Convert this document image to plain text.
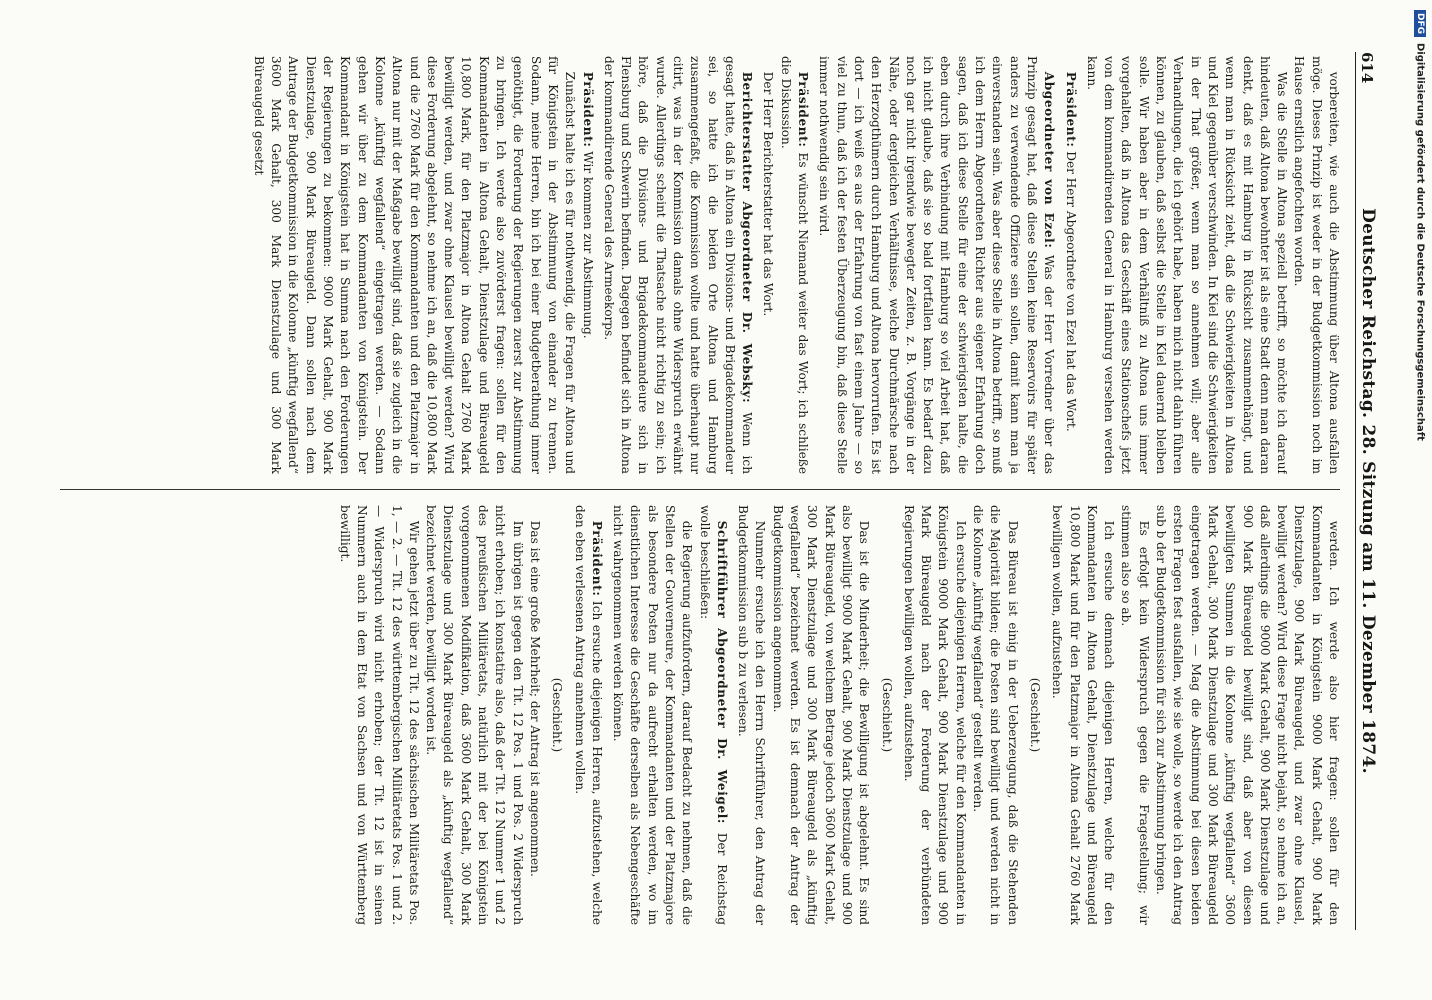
614
Deutscher Reichstag. 28. Sitzung am 11. Dezember 1874.

vorbereiten, wie auch die Abstimmung über Altona ausfallen möge. Dieses Prinzip ist weder in der Budgetkommission noch im Hause ernstlich angefochten worden.

Was die Stelle in Altona speziell betrifft, so möchte ich darauf hindeuten, daß Altona bewohnter ist als eine Stadt denn man daran denkt, daß es mit Hamburg in Rücksicht zusammenhängt, und wenn man in Rücksicht zieht, daß die Schwierigkeiten in Altona und Kiel gegenüber verschwinden. In Kiel sind die Schwierigkeiten in der That größer, wenn man so annehmen will; aber alle Verhandlungen, die ich gehört habe, haben mich nicht dahin führen können, zu glauben, daß selbst die Stelle in Kiel dauernd bleiben solle. Wir haben aber in dem Verhältniß zu Altona uns immer vorgehalten, daß in Altona das Geschäft eines Stationschefs jetzt von dem kommandirenden General in Hamburg versehen werden kann.

Präsident: Der Herr Abgeordnete von Ezel hat das Wort.

Abgeordneter von Ezel: Was der Herr Vorredner über das Prinzip gesagt hat, daß diese Stellen keine Reservoirs für später anders zu verwendende Offiziere sein sollen, damit kann man ja einverstanden sein. Was aber diese Stelle in Altona betrifft, so muß ich dem Herrn Abgeordneten Richter aus eigener Erfahrung doch sagen, daß ich diese Stelle für eine der schwierigsten halte, die eben durch ihre Verbindung mit Hamburg so viel Arbeit hat, daß ich nicht glaube, daß sie so bald fortfallen kann. Es bedarf dazu noch gar nicht irgendwie bewegter Zeiten, z. B. Vorgänge in der Nähe, oder dergleichen Verhältnisse, welche Durchmärsche nach den Herzogthümern durch Hamburg und Altona hervorrufen. Es ist dort — ich weiß es aus der Erfahrung von fast einem Jahre — so viel zu thun, daß ich der festen Überzeugung bin, daß diese Stelle immer nothwendig sein wird.

Präsident: Es wünscht Niemand weiter das Wort; ich schließe die Diskussion.

Der Herr Berichterstatter hat das Wort.

Berichterstatter Abgeordneter Dr. Websky: Wenn ich gesagt hatte, daß in Altona ein Divisions- und Brigadekommandeur sei, so hatte ich die beiden Orte Altona und Hamburg zusammengefaßt, die Kommission wollte und hatte überhaupt nur citirt, was in der Kommission damals ohne Widerspruch erwähnt wurde. Allerdings scheint die Thatsache nicht richtig zu sein; ich höre, daß die Divisions- und Brigadekommandeure sich in Flensburg und Schwerin befinden. Dagegen befindet sich in Altona der kommandirende General des Armeekorps.

Präsident: Wir kommen zur Abstimmung.

Zunächst halte ich es für nothwendig, die Fragen für Altona und für Königstein in der Abstimmung von einander zu trennen. Sodann, meine Herren, bin ich bei einer Budgetberathung immer genöthigt, die Forderung der Regierungen zuerst zur Abstimmung zu bringen. Ich werde also zuvörderst fragen: sollen für den Kommandanten in Altona Gehalt, Dienstzulage und Büreaugeld 10,800 Mark, für den Platzmajor in Altona Gehalt 2760 Mark bewilligt werden, und zwar ohne Klausel bewilligt werden? Wird diese Forderung abgelehnt, so nehme ich an, daß die 10,800 Mark und die 2760 Mark für den Kommandanten und den Platzmajor in Altona nur mit der Maßgabe bewilligt sind, daß sie zugleich in die Kolonne „künftig wegfallend“ eingetragen werden. — Sodann gehen wir über zu dem Kommandanten von Königstein. Der Kommandant in Königstein hat in Summa nach den Forderungen der Regierungen zu bekommen: 9000 Mark Gehalt, 900 Mark Dienstzulage, 900 Mark Büreaugeld. Dann sollen nach dem Antrage der Budgetkommission in die Kolonne „künftig wegfallend“ 3600 Mark Gehalt, 300 Mark Dienstzulage und 300 Mark Büreaugeld gesetzt

werden. Ich werde also hier fragen: sollen für den Kommandanten in Königstein 9000 Mark Gehalt, 900 Mark Dienstzulage, 900 Mark Büreaugeld, und zwar ohne Klausel, bewilligt werden? Wird diese Frage nicht bejaht, so nehme ich an, daß allerdings die 9000 Mark Gehalt, 900 Mark Dienstzulage und 900 Mark Büreaugeld bewilligt sind, daß aber von diesen bewilligten Summen in die Kolonne „künftig wegfallend“ 3600 Mark Gehalt, 300 Mark Dienstzulage und 300 Mark Büreaugeld eingetragen werden. — Mag die Abstimmung bei diesen beiden ersten Fragen fest ausfallen, wie sie wolle, so werde ich den Antrag sub b der Budgetkommission für sich zur Abstimmung bringen.

Es erfolgt kein Widerspruch gegen die Fragestellung; wir stimmen also so ab.

Ich ersuche demnach diejenigen Herren, welche für den Kommandanten in Altona Gehalt, Dienstzulage und Büreaugeld 10,800 Mark und für den Platzmajor in Altona Gehalt 2760 Mark bewilligen wollen, aufzustehen.

(Geschieht.)

Das Büreau ist einig in der Ueberzeugung, daß die Stehenden die Majorität bilden; die Posten sind bewilligt und werden nicht in die Kolonne „künftig wegfallend“ gestellt werden.

Ich ersuche diejenigen Herren, welche für den Kommandanten in Königstein 9000 Mark Gehalt, 900 Mark Dienstzulage und 900 Mark Büreaugeld nach der Forderung der verbündeten Regierungen bewilligen wollen, aufzustehen.

(Geschieht.)

Das ist die Minderheit; die Bewilligung ist abgelehnt. Es sind also bewilligt 9000 Mark Gehalt, 900 Mark Dienstzulage und 900 Mark Büreaugeld, von welchem Betrage jedoch 3600 Mark Gehalt, 300 Mark Dienstzulage und 300 Mark Büreaugeld als „künftig wegfallend“ bezeichnet werden. Es ist demnach der Antrag der Budgetkommission angenommen.

Nunmehr ersuche ich den Herrn Schriftführer, den Antrag der Budgetkommission sub b zu verlesen.

Schriftführer Abgeordneter Dr. Weigel: Der Reichstag wolle beschließen:

die Regierung aufzufordern, darauf Bedacht zu nehmen, daß die Stellen der Gouverneure, der Kommandanten und der Platzmajore als besondere Posten nur da aufrecht erhalten werden, wo im dienstlichen Interesse die Geschäfte derselben als Nebengeschäfte nicht wahrgenommen werden können.

Präsident: Ich ersuche diejenigen Herren, aufzustehen, welche den eben verlesenen Antrag annehmen wollen.

(Geschieht.)

Das ist eine große Mehrheit; der Antrag ist angenommen.

Im übrigen ist gegen den Tit. 12 Pos. 1 und Pos. 2 Widerspruch nicht erhoben; ich konstatire also, daß der Tit. 12 Nummer 1 und 2 des preußischen Militäretats, natürlich mit der bei Königstein vorgenommenen Modifikation, daß 3600 Mark Gehalt, 300 Mark Dienstzulage und 300 Mark Büreaugeld als „künftig wegfallend“ bezeichnet werden, bewilligt worden ist.

Wir gehen jetzt über zu Tit. 12 des sächsischen Militäretats Pos. 1, — 2. — Tit. 12 des württembergischen Militäretats Pos. 1 und 2. — Widerspruch wird nicht erhoben; der Tit. 12 ist in seinen Nummern auch in dem Etat von Sachsen und von Württemberg bewilligt.

DFG
Digitalisierung gefördert durch die Deutsche Forschungsgemeinschaft
